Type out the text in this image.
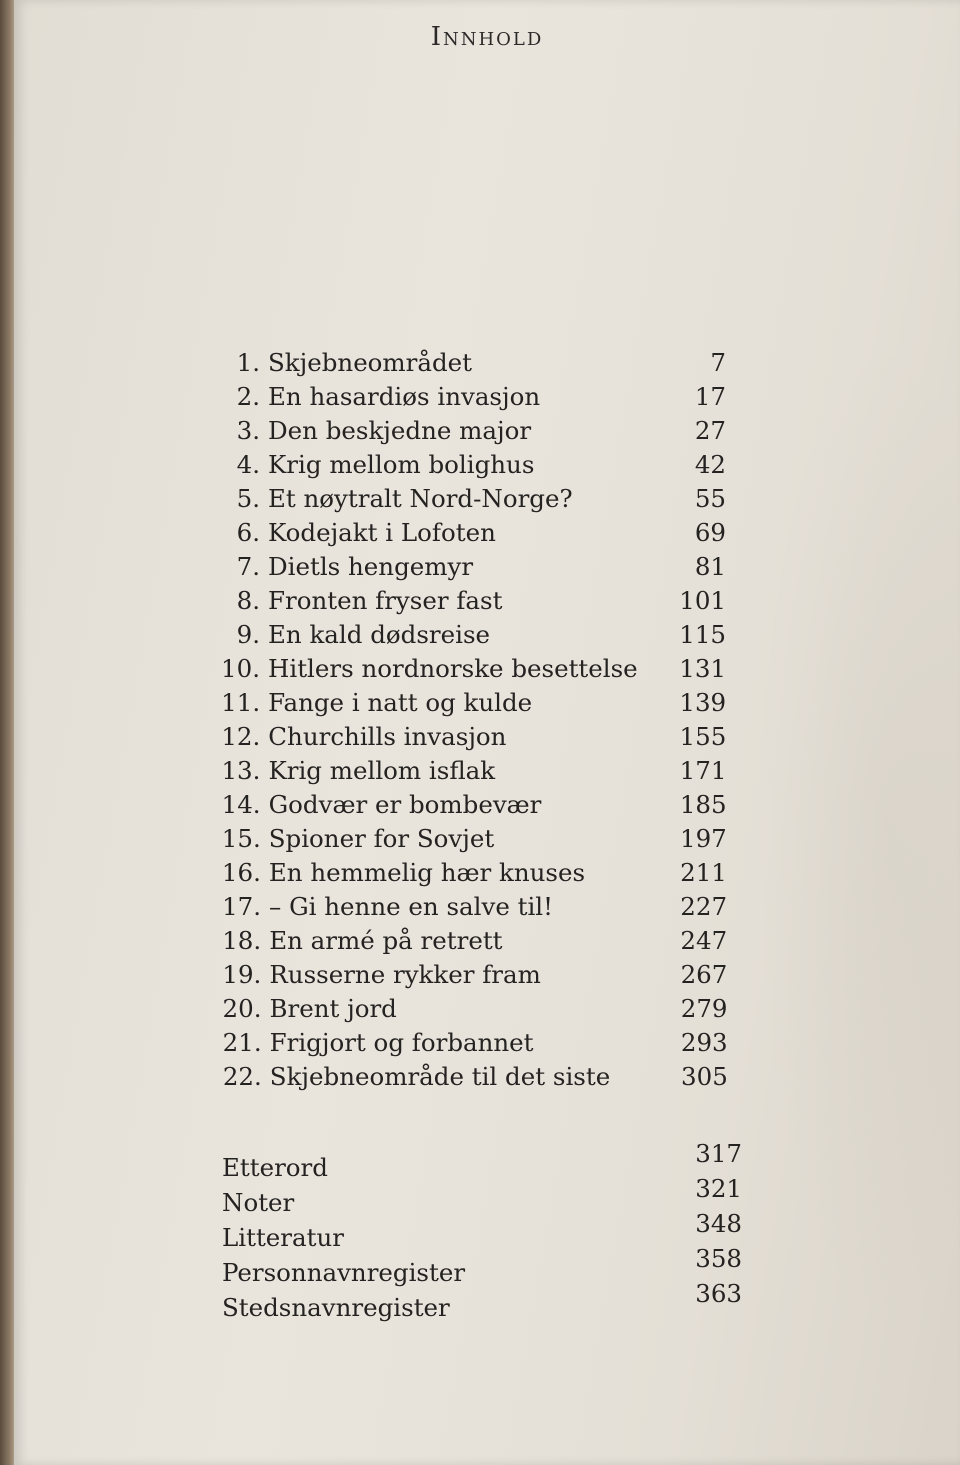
Innhold
1. Skjebneområdet	7
2. En hasardiøs invasjon	17
3. Den beskjedne major	27
4. Krig mellom bolighus	42
5. Et nøytralt Nord-Norge?	55
6. Kodejakt i Lofoten	69
7. Dietls hengemyr	81
8. Fronten fryser fast	101
9. En kald dødsreise	115
10. Hitlers nordnorske besettelse 131
11. Fange i natt og kulde	139
12. Churchills invasjon	155
13. Krig mellom isflak	171
14. Godvær er bombevær	185
15. Spioner for Sovjet	197
16. En hemmelig hær knuses	211
17. – Gi henne en salve til!	227
18. En armé på retrett	247
19. Russerne rykker fram	267
20. Brent jord	279
21. Frigjort og forbannet	293
22. Skjebneområde til det siste	305
Etterord	317
Noter	321
Litteratur	348
Personnavnregister	358
Stedsnavnregister	363
